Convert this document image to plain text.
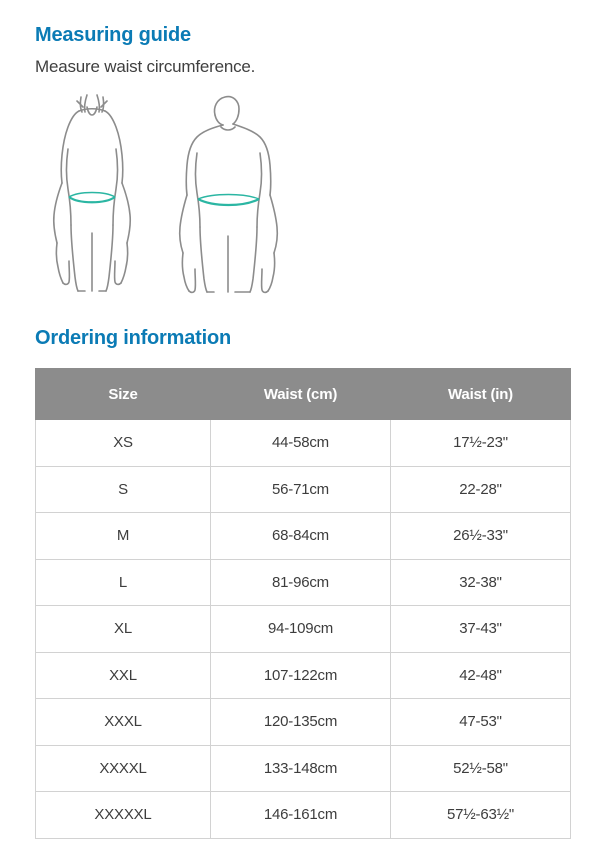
Measuring guide
Measure waist circumference.
Ordering information
Size	Waist (cm)	Waist (in)
XS	44-58cm	17½-23"
S	56-71cm	22-28"
M	68-84cm	26½-33"
L	81-96cm	32-38"
XL	94-109cm	37-43"
XXL	107-122cm	42-48"
XXXL	120-135cm	47-53"
XXXXL	133-148cm	52½-58"
XXXXXL	146-161cm	57½-63½"
